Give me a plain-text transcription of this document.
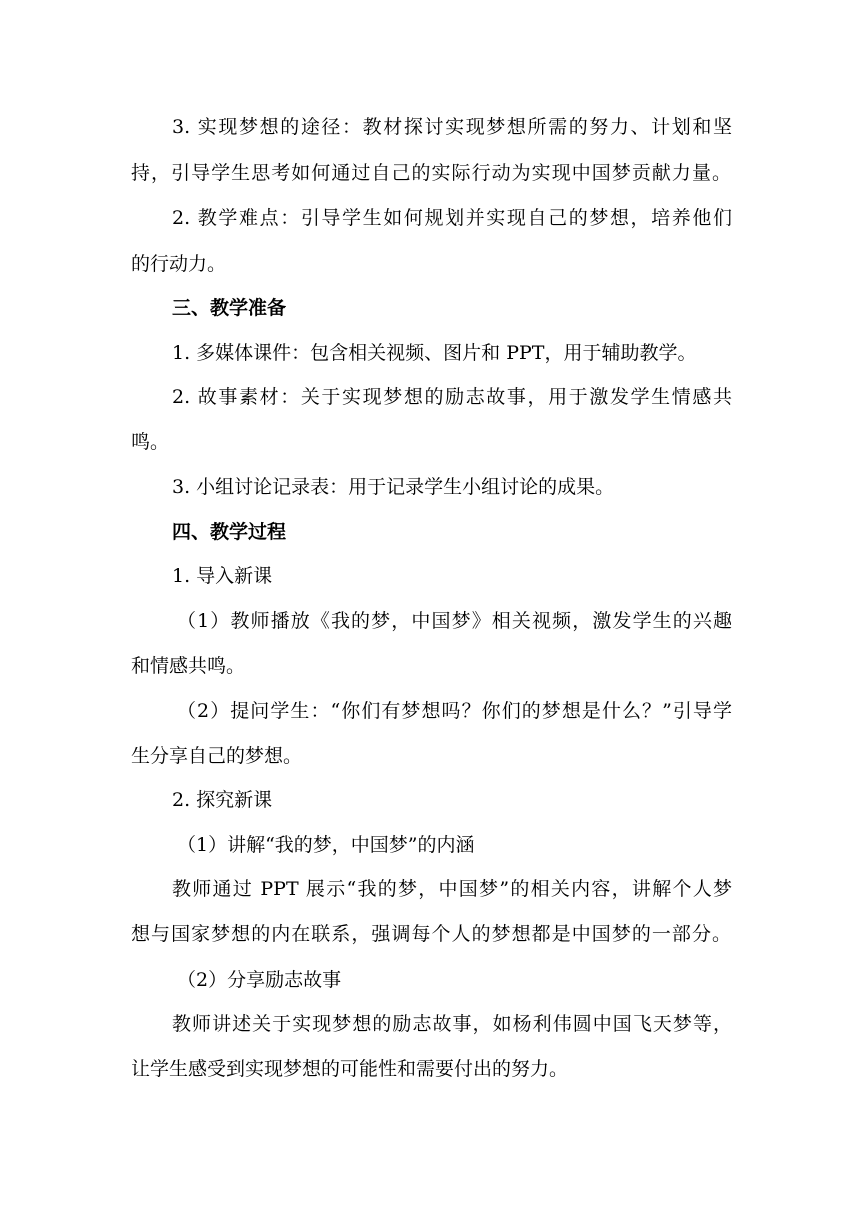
3. 实现梦想的途径：教材探讨实现梦想所需的努力、计划和坚

持，引导学生思考如何通过自己的实际行动为实现中国梦贡献力量。

2. 教学难点：引导学生如何规划并实现自己的梦想，培养他们

的行动力。

三、教学准备

1. 多媒体课件：包含相关视频、图片和 PPT，用于辅助教学。

2. 故事素材：关于实现梦想的励志故事，用于激发学生情感共

鸣。

3. 小组讨论记录表：用于记录学生小组讨论的成果。

四、教学过程

1. 导入新课

（1）教师播放《我的梦，中国梦》相关视频，激发学生的兴趣

和情感共鸣。

（2）提问学生：“你们有梦想吗？你们的梦想是什么？”引导学

生分享自己的梦想。

2. 探究新课

（1）讲解“我的梦，中国梦”的内涵

教师通过 PPT 展示“我的梦，中国梦”的相关内容，讲解个人梦

想与国家梦想的内在联系，强调每个人的梦想都是中国梦的一部分。

（2）分享励志故事

教师讲述关于实现梦想的励志故事，如杨利伟圆中国飞天梦等，

让学生感受到实现梦想的可能性和需要付出的努力。
